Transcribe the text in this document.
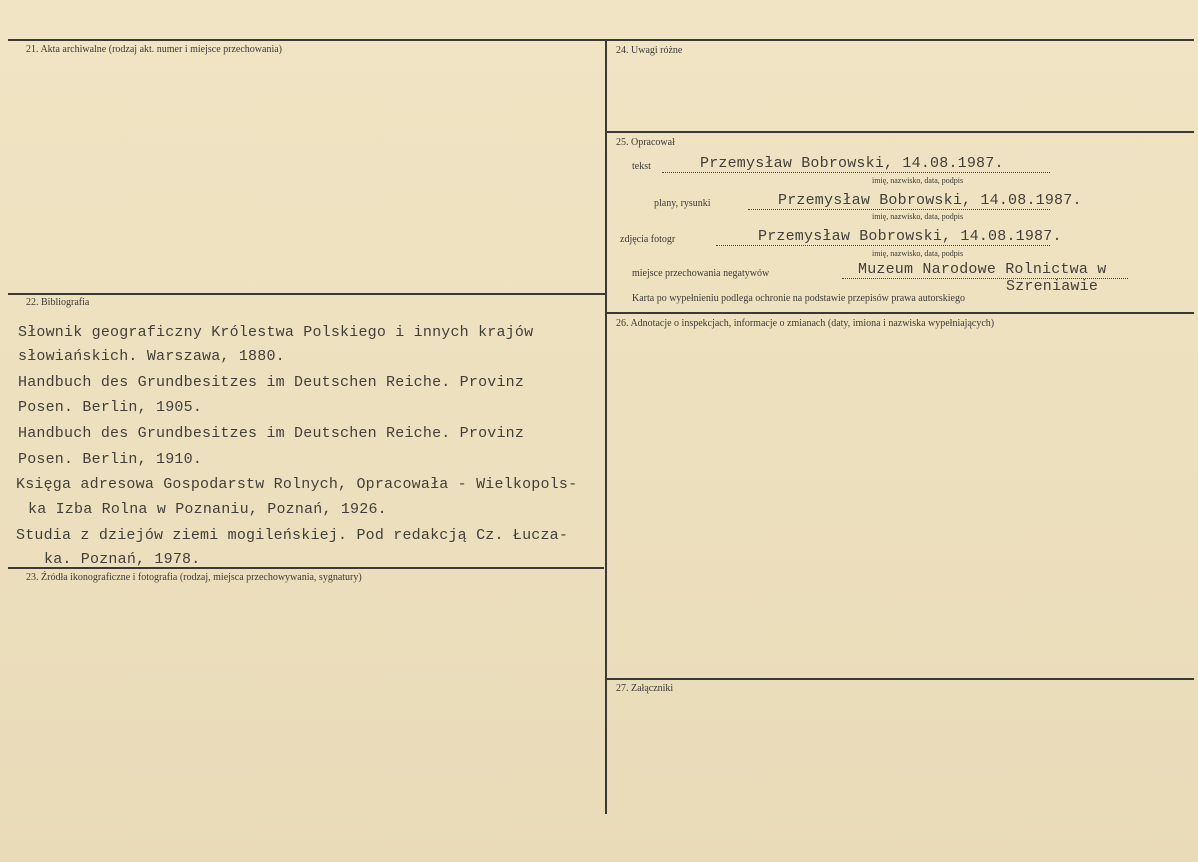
21. Akta archiwalne (rodzaj akt. numer i miejsce przechowania)
22. Bibliografia
Słownik geograficzny Królestwa Polskiego i innych krajów
słowiańskich. Warszawa, 1880.
Handbuch des Grundbesitzes im Deutschen Reiche. Provinz
Posen. Berlin, 1905.
Handbuch des Grundbesitzes im Deutschen Reiche. Provinz
Posen. Berlin, 1910.
Księga adresowa Gospodarstw Rolnych, Opracowała - Wielkopols-
ka Izba Rolna w Poznaniu, Poznań, 1926.
Studia z dziejów ziemi mogileńskiej. Pod redakcją Cz. Łucza-
ka. Poznań, 1978.
23. Źródła ikonograficzne i fotografia (rodzaj, miejsca przechowywania, sygnatury)
24. Uwagi różne
25. Opracował
tekst	Przemysław Bobrowski, 14.08.1987.
imię, nazwisko, data, podpis
plany, rysunki	Przemysław Bobrowski, 14.08.1987.
imię, nazwisko, data, podpis
zdjęcia fotogr	Przemysław Bobrowski, 14.08.1987.
imię, nazwisko, data, podpis
miejsce przechowania negatywów	Muzeum Narodowe Rolnictwa w
Szreniawie
Karta po wypełnieniu podlega ochronie na podstawie przepisów prawa autorskiego
26. Adnotacje o inspekcjach, informacje o zmianach (daty, imiona i nazwiska wypełniających)
27. Załączniki
